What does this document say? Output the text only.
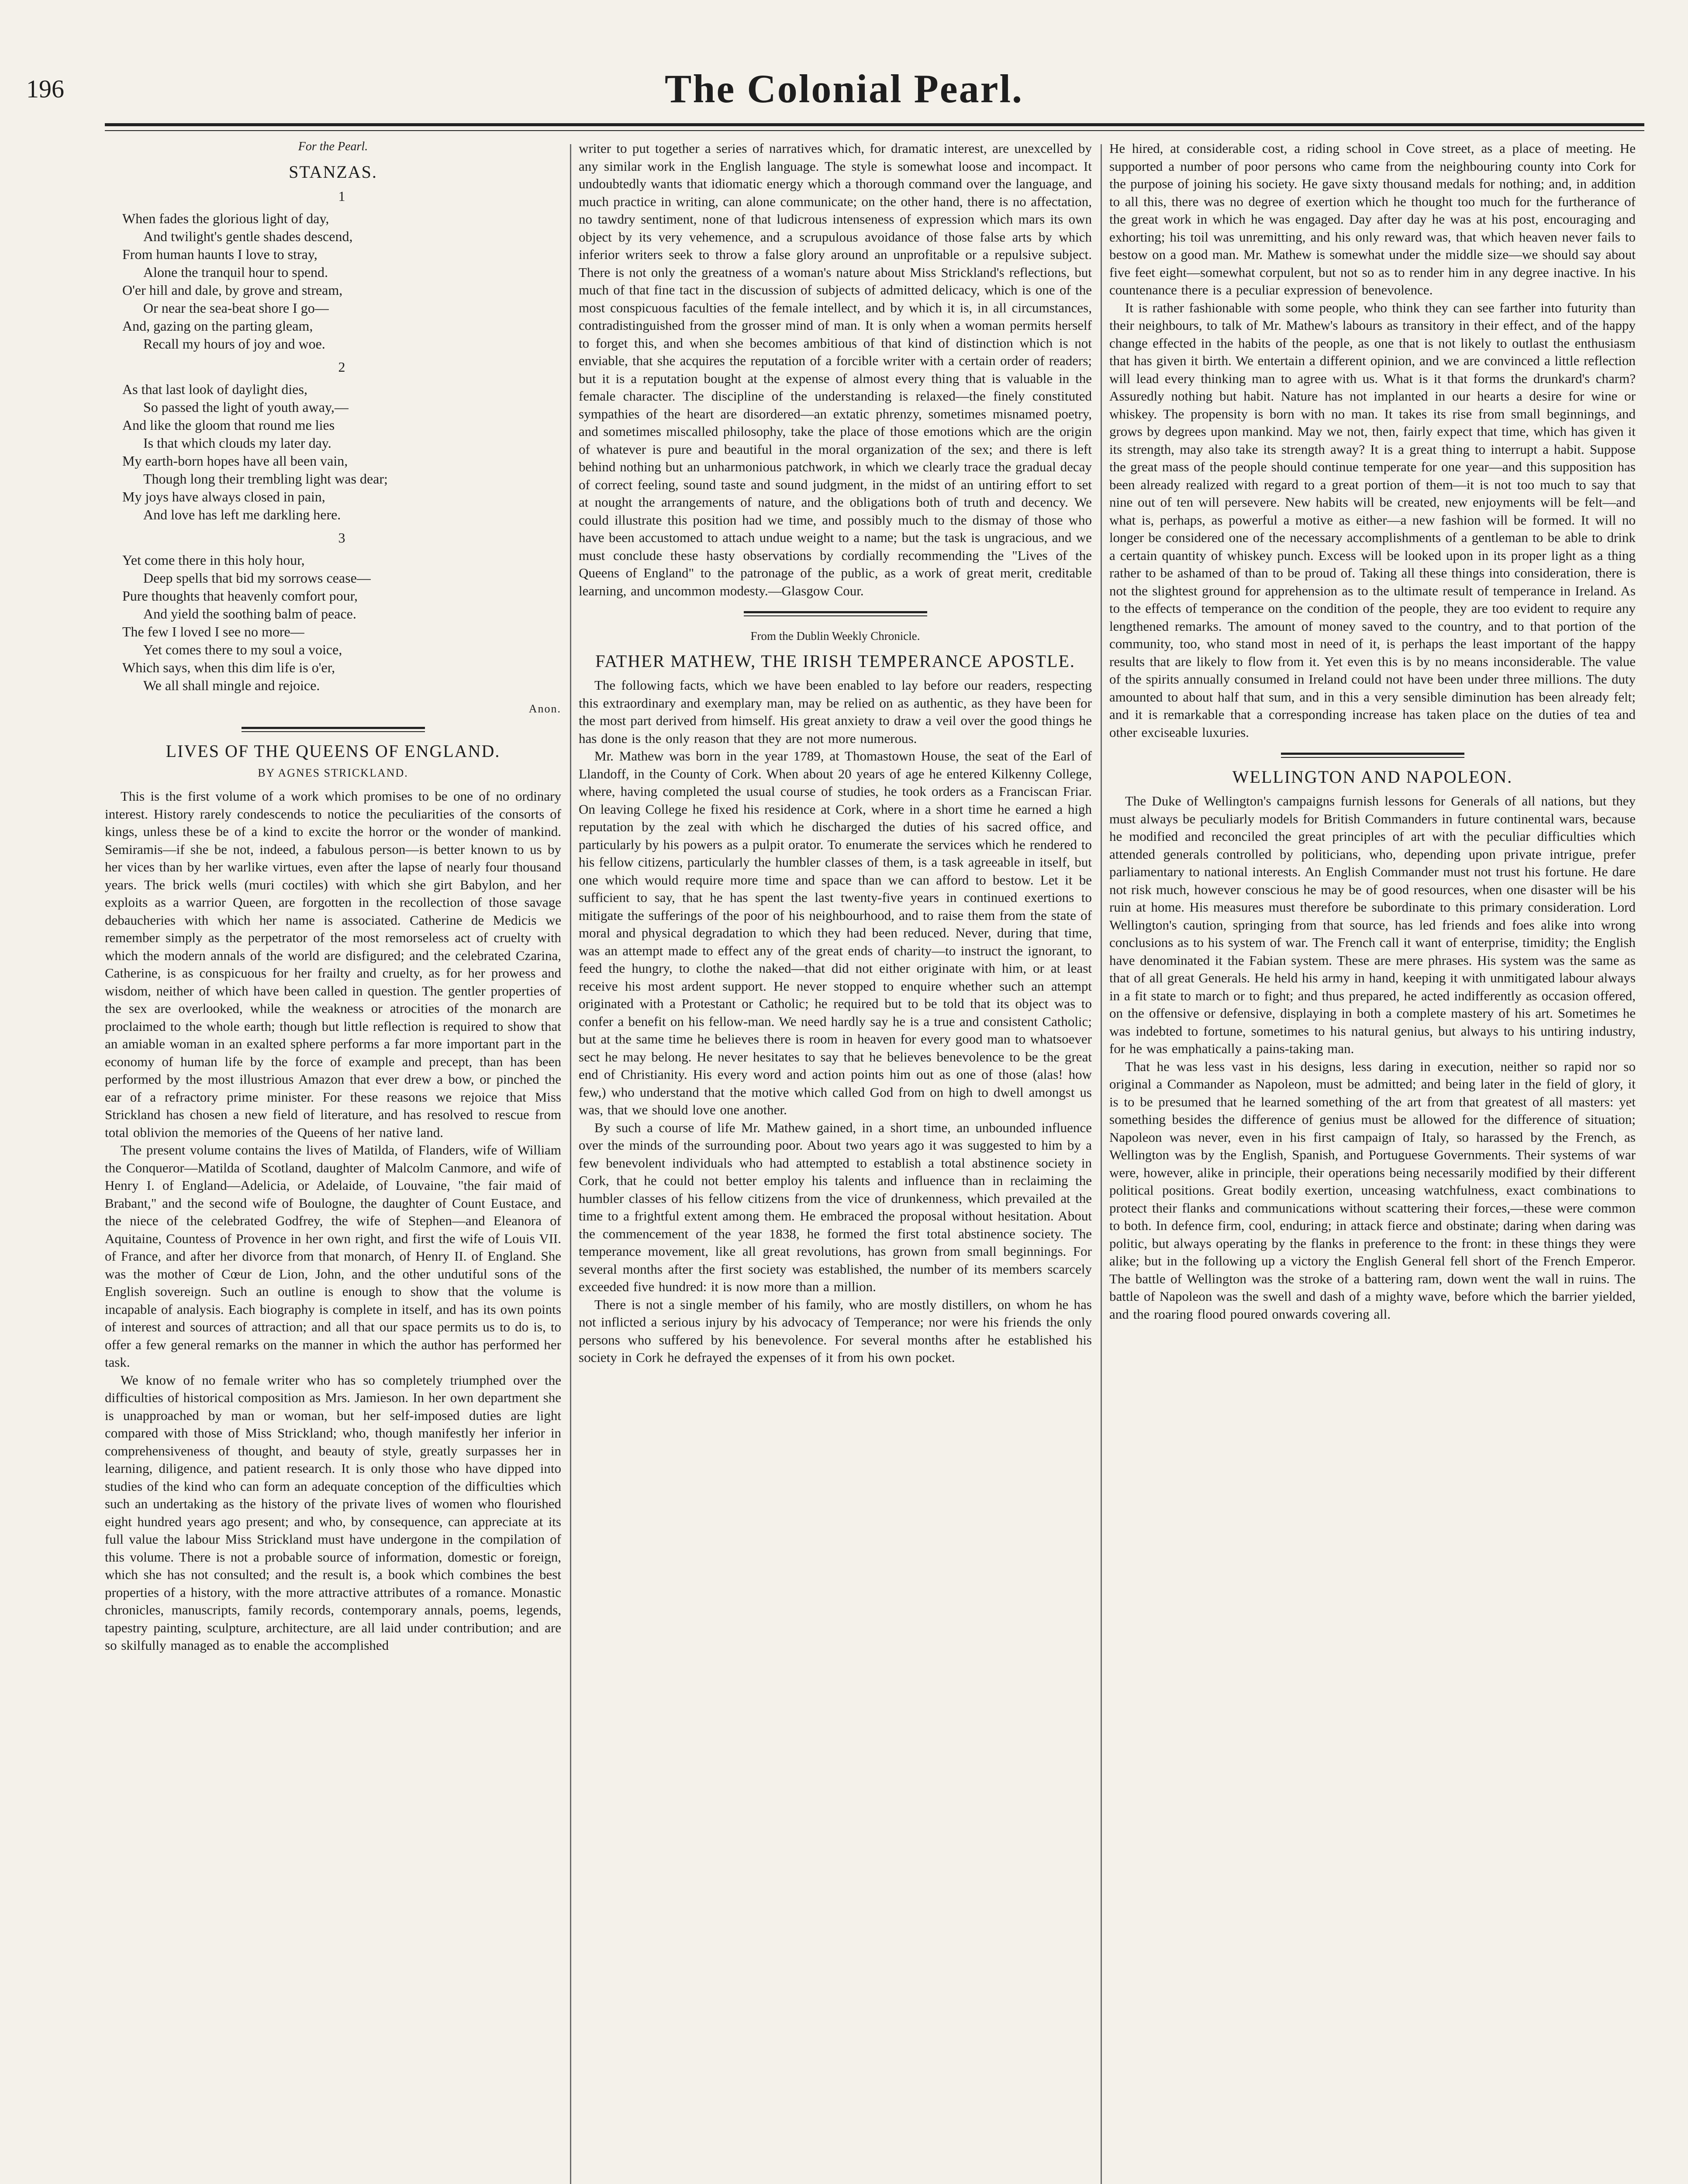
196	The Colonial Pearl.

For the Pearl.

STANZAS.
1
When fades the glorious light of day,
And twilight's gentle shades descend,
From human haunts I love to stray,
Alone the tranquil hour to spend.
O'er hill and dale, by grove and stream,
Or near the sea-beat shore I go—
And, gazing on the parting gleam,
Recall my hours of joy and woe.
2
As that last look of daylight dies,
So passed the light of youth away,—
And like the gloom that round me lies
Is that which clouds my later day.
My earth-born hopes have all been vain,
Though long their trembling light was dear;
My joys have always closed in pain,
And love has left me darkling here.
3
Yet come there in this holy hour,
Deep spells that bid my sorrows cease—
Pure thoughts that heavenly comfort pour,
And yield the soothing balm of peace.
The few I loved I see no more—
Yet comes there to my soul a voice,
Which says, when this dim life is o'er,
We all shall mingle and rejoice.
Anon.
LIVES OF THE QUEENS OF ENGLAND.
BY AGNES STRICKLAND.

This is the first volume of a work which promises to be one of no ordinary interest. History rarely condescends to notice the peculiarities of the consorts of kings, unless these be of a kind to excite the horror or the wonder of mankind. Semiramis—if she be not, indeed, a fabulous person—is better known to us by her vices than by her warlike virtues, even after the lapse of nearly four thousand years. The brick wells (muri coctiles) with which she girt Babylon, and her exploits as a warrior Queen, are forgotten in the recollection of those savage debaucheries with which her name is associated. Catherine de Medicis we remember simply as the perpetrator of the most remorseless act of cruelty with which the modern annals of the world are disfigured; and the celebrated Czarina, Catherine, is as conspicuous for her frailty and cruelty, as for her prowess and wisdom, neither of which have been called in question. The gentler properties of the sex are overlooked, while the weakness or atrocities of the monarch are proclaimed to the whole earth; though but little reflection is required to show that an amiable woman in an exalted sphere performs a far more important part in the economy of human life by the force of example and precept, than has been performed by the most illustrious Amazon that ever drew a bow, or pinched the ear of a refractory prime minister. For these reasons we rejoice that Miss Strickland has chosen a new field of literature, and has resolved to rescue from total oblivion the memories of the Queens of her native land.

The present volume contains the lives of Matilda, of Flanders, wife of William the Conqueror—Matilda of Scotland, daughter of Malcolm Canmore, and wife of Henry I. of England—Adelicia, or Adelaide, of Louvaine, "the fair maid of Brabant," and the second wife of Boulogne, the daughter of Count Eustace, and the niece of the celebrated Godfrey, the wife of Stephen—and Eleanora of Aquitaine, Countess of Provence in her own right, and first the wife of Louis VII. of France, and after her divorce from that monarch, of Henry II. of England. She was the mother of Cœur de Lion, John, and the other undutiful sons of the English sovereign. Such an outline is enough to show that the volume is incapable of analysis. Each biography is complete in itself, and has its own points of interest and sources of attraction; and all that our space permits us to do is, to offer a few general remarks on the manner in which the author has performed her task.

We know of no female writer who has so completely triumphed over the difficulties of historical composition as Mrs. Jamieson. In her own department she is unapproached by man or woman, but her self-imposed duties are light compared with those of Miss Strickland; who, though manifestly her inferior in comprehensiveness of thought, and beauty of style, greatly surpasses her in learning, diligence, and patient research. It is only those who have dipped into studies of the kind who can form an adequate conception of the difficulties which such an undertaking as the history of the private lives of women who flourished eight hundred years ago present; and who, by consequence, can appreciate at its full value the labour Miss Strickland must have undergone in the compilation of this volume. There is not a probable source of information, domestic or foreign, which she has not consulted; and the result is, a book which combines the best properties of a history, with the more attractive attributes of a romance. Monastic chronicles, manuscripts, family records, contemporary annals, poems, legends, tapestry painting, sculpture, architecture, are all laid under contribution; and are so skilfully managed as to enable the accomplished

writer to put together a series of narratives which, for dramatic interest, are unexcelled by any similar work in the English language. The style is somewhat loose and incompact. It undoubtedly wants that idiomatic energy which a thorough command over the language, and much practice in writing, can alone communicate; on the other hand, there is no affectation, no tawdry sentiment, none of that ludicrous intenseness of expression which mars its own object by its very vehemence, and a scrupulous avoidance of those false arts by which inferior writers seek to throw a false glory around an unprofitable or a repulsive subject. There is not only the greatness of a woman's nature about Miss Strickland's reflections, but much of that fine tact in the discussion of subjects of admitted delicacy, which is one of the most conspicuous faculties of the female intellect, and by which it is, in all circumstances, contradistinguished from the grosser mind of man. It is only when a woman permits herself to forget this, and when she becomes ambitious of that kind of distinction which is not enviable, that she acquires the reputation of a forcible writer with a certain order of readers; but it is a reputation bought at the expense of almost every thing that is valuable in the female character. The discipline of the understanding is relaxed—the finely constituted sympathies of the heart are disordered—an extatic phrenzy, sometimes misnamed poetry, and sometimes miscalled philosophy, take the place of those emotions which are the origin of whatever is pure and beautiful in the moral organization of the sex; and there is left behind nothing but an unharmonious patchwork, in which we clearly trace the gradual decay of correct feeling, sound taste and sound judgment, in the midst of an untiring effort to set at nought the arrangements of nature, and the obligations both of truth and decency. We could illustrate this position had we time, and possibly much to the dismay of those who have been accustomed to attach undue weight to a name; but the task is ungracious, and we must conclude these hasty observations by cordially recommending the "Lives of the Queens of England" to the patronage of the public, as a work of great merit, creditable learning, and uncommon modesty.—Glasgow Cour.

From the Dublin Weekly Chronicle.
FATHER MATHEW, THE IRISH TEMPERANCE APOSTLE.

The following facts, which we have been enabled to lay before our readers, respecting this extraordinary and exemplary man, may be relied on as authentic, as they have been for the most part derived from himself. His great anxiety to draw a veil over the good things he has done is the only reason that they are not more numerous.

Mr. Mathew was born in the year 1789, at Thomastown House, the seat of the Earl of Llandoff, in the County of Cork. When about 20 years of age he entered Kilkenny College, where, having completed the usual course of studies, he took orders as a Franciscan Friar. On leaving College he fixed his residence at Cork, where in a short time he earned a high reputation by the zeal with which he discharged the duties of his sacred office, and particularly by his powers as a pulpit orator. To enumerate the services which he rendered to his fellow citizens, particularly the humbler classes of them, is a task agreeable in itself, but one which would require more time and space than we can afford to bestow. Let it be sufficient to say, that he has spent the last twenty-five years in continued exertions to mitigate the sufferings of the poor of his neighbourhood, and to raise them from the state of moral and physical degradation to which they had been reduced. Never, during that time, was an attempt made to effect any of the great ends of charity—to instruct the ignorant, to feed the hungry, to clothe the naked—that did not either originate with him, or at least receive his most ardent support. He never stopped to enquire whether such an attempt originated with a Protestant or Catholic; he required but to be told that its object was to confer a benefit on his fellow-man. We need hardly say he is a true and consistent Catholic; but at the same time he believes there is room in heaven for every good man to whatsoever sect he may belong. He never hesitates to say that he believes benevolence to be the great end of Christianity. His every word and action points him out as one of those (alas! how few,) who understand that the motive which called God from on high to dwell amongst us was, that we should love one another.

By such a course of life Mr. Mathew gained, in a short time, an unbounded influence over the minds of the surrounding poor. About two years ago it was suggested to him by a few benevolent individuals who had attempted to establish a total abstinence society in Cork, that he could not better employ his talents and influence than in reclaiming the humbler classes of his fellow citizens from the vice of drunkenness, which prevailed at the time to a frightful extent among them. He embraced the proposal without hesitation. About the commencement of the year 1838, he formed the first total abstinence society. The temperance movement, like all great revolutions, has grown from small beginnings. For several months after the first society was established, the number of its members scarcely exceeded five hundred: it is now more than a million.

There is not a single member of his family, who are mostly distillers, on whom he has not inflicted a serious injury by his advocacy of Temperance; nor were his friends the only persons who suffered by his benevolence. For several months after he established his society in Cork he defrayed the expenses of it from his own pocket.

He hired, at considerable cost, a riding school in Cove street, as a place of meeting. He supported a number of poor persons who came from the neighbouring county into Cork for the purpose of joining his society. He gave sixty thousand medals for nothing; and, in addition to all this, there was no degree of exertion which he thought too much for the furtherance of the great work in which he was engaged. Day after day he was at his post, encouraging and exhorting; his toil was unremitting, and his only reward was, that which heaven never fails to bestow on a good man. Mr. Mathew is somewhat under the middle size—we should say about five feet eight—somewhat corpulent, but not so as to render him in any degree inactive. In his countenance there is a peculiar expression of benevolence.

It is rather fashionable with some people, who think they can see farther into futurity than their neighbours, to talk of Mr. Mathew's labours as transitory in their effect, and of the happy change effected in the habits of the people, as one that is not likely to outlast the enthusiasm that has given it birth. We entertain a different opinion, and we are convinced a little reflection will lead every thinking man to agree with us. What is it that forms the drunkard's charm? Assuredly nothing but habit. Nature has not implanted in our hearts a desire for wine or whiskey. The propensity is born with no man. It takes its rise from small beginnings, and grows by degrees upon mankind. May we not, then, fairly expect that time, which has given it its strength, may also take its strength away? It is a great thing to interrupt a habit. Suppose the great mass of the people should continue temperate for one year—and this supposition has been already realized with regard to a great portion of them—it is not too much to say that nine out of ten will persevere. New habits will be created, new enjoyments will be felt—and what is, perhaps, as powerful a motive as either—a new fashion will be formed. It will no longer be considered one of the necessary accomplishments of a gentleman to be able to drink a certain quantity of whiskey punch. Excess will be looked upon in its proper light as a thing rather to be ashamed of than to be proud of. Taking all these things into consideration, there is not the slightest ground for apprehension as to the ultimate result of temperance in Ireland. As to the effects of temperance on the condition of the people, they are too evident to require any lengthened remarks. The amount of money saved to the country, and to that portion of the community, too, who stand most in need of it, is perhaps the least important of the happy results that are likely to flow from it. Yet even this is by no means inconsiderable. The value of the spirits annually consumed in Ireland could not have been under three millions. The duty amounted to about half that sum, and in this a very sensible diminution has been already felt; and it is remarkable that a corresponding increase has taken place on the duties of tea and other exciseable luxuries.

WELLINGTON AND NAPOLEON.

The Duke of Wellington's campaigns furnish lessons for Generals of all nations, but they must always be peculiarly models for British Commanders in future continental wars, because he modified and reconciled the great principles of art with the peculiar difficulties which attended generals controlled by politicians, who, depending upon private intrigue, prefer parliamentary to national interests. An English Commander must not trust his fortune. He dare not risk much, however conscious he may be of good resources, when one disaster will be his ruin at home. His measures must therefore be subordinate to this primary consideration. Lord Wellington's caution, springing from that source, has led friends and foes alike into wrong conclusions as to his system of war. The French call it want of enterprise, timidity; the English have denominated it the Fabian system. These are mere phrases. His system was the same as that of all great Generals. He held his army in hand, keeping it with unmitigated labour always in a fit state to march or to fight; and thus prepared, he acted indifferently as occasion offered, on the offensive or defensive, displaying in both a complete mastery of his art. Sometimes he was indebted to fortune, sometimes to his natural genius, but always to his untiring industry, for he was emphatically a pains-taking man.

That he was less vast in his designs, less daring in execution, neither so rapid nor so original a Commander as Napoleon, must be admitted; and being later in the field of glory, it is to be presumed that he learned something of the art from that greatest of all masters: yet something besides the difference of genius must be allowed for the difference of situation; Napoleon was never, even in his first campaign of Italy, so harassed by the French, as Wellington was by the English, Spanish, and Portuguese Governments. Their systems of war were, however, alike in principle, their operations being necessarily modified by their different political positions. Great bodily exertion, unceasing watchfulness, exact combinations to protect their flanks and communications without scattering their forces,—these were common to both. In defence firm, cool, enduring; in attack fierce and obstinate; daring when daring was politic, but always operating by the flanks in preference to the front: in these things they were alike; but in the following up a victory the English General fell short of the French Emperor. The battle of Wellington was the stroke of a battering ram, down went the wall in ruins. The battle of Napoleon was the swell and dash of a mighty wave, before which the barrier yielded, and the roaring flood poured onwards covering all.
